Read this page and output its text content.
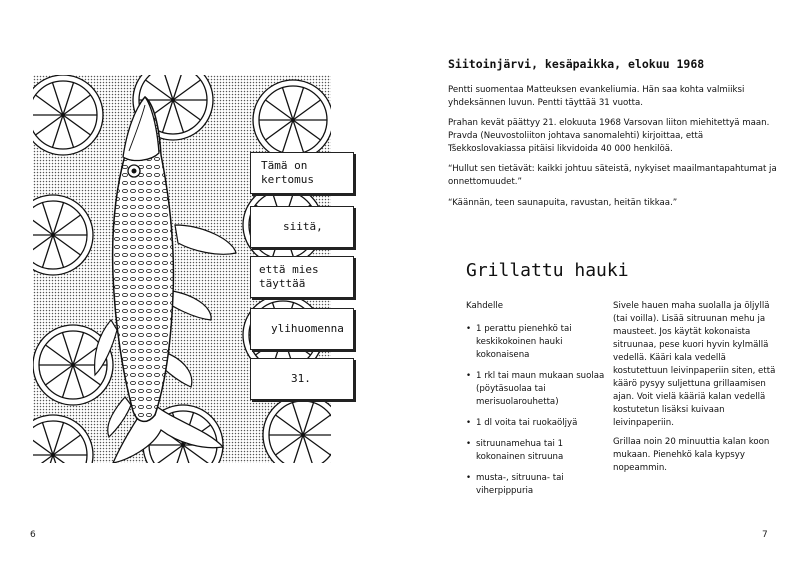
6	7
Tämä on kertomus
siitä,
että mies täyttää
ylihuomenna
31.
Siitoinjärvi, kesäpaikka, elokuu 1968

Pentti suomentaa Matteuksen evankeliumia. Hän saa kohta valmiiksi yhdeksännen luvun. Pentti täyttää 31 vuotta.

Prahan kevät päättyy 21. elokuuta 1968 Varsovan liiton miehitettyä maan. Pravda (Neuvostoliiton johtava sanomalehti) kirjoittaa, että Tšekkoslovakiassa pitäisi likvidoida 40 000 henkilöä.

“Hullut sen tietävät: kaikki johtuu säteistä, nykyiset maailmantapahtumat ja onnettomuudet.”

“Käännän, teen saunapuita, ravustan, heitän tikkaa.”

Grillattu hauki

Kahdelle

• 1 perattu pienehkö tai keskikokoinen hauki kokonaisena
• 1 rkl tai maun mukaan suolaa (pöytäsuolaa tai merisuolarouhetta)
• 1 dl voita tai ruokaöljyä
• sitruunamehua tai 1 kokonainen sitruuna
• musta-, sitruuna- tai viherpippuria

Sivele hauen maha suolalla ja öljyllä (tai voilla). Lisää sitruunan mehu ja mausteet. Jos käytät kokonaista sitruunaa, pese kuori hyvin kylmällä vedellä. Kääri kala vedellä kostutettuun leivinpaperiin siten, että käärö pysyy suljettuna grillaamisen ajan. Voit vielä kääriä kalan vedellä kostutetun lisäksi kuivaan leivinpaperiin.

Grillaa noin 20 minuuttia kalan koon mukaan. Pienehkö kala kypsyy nopeammin.
